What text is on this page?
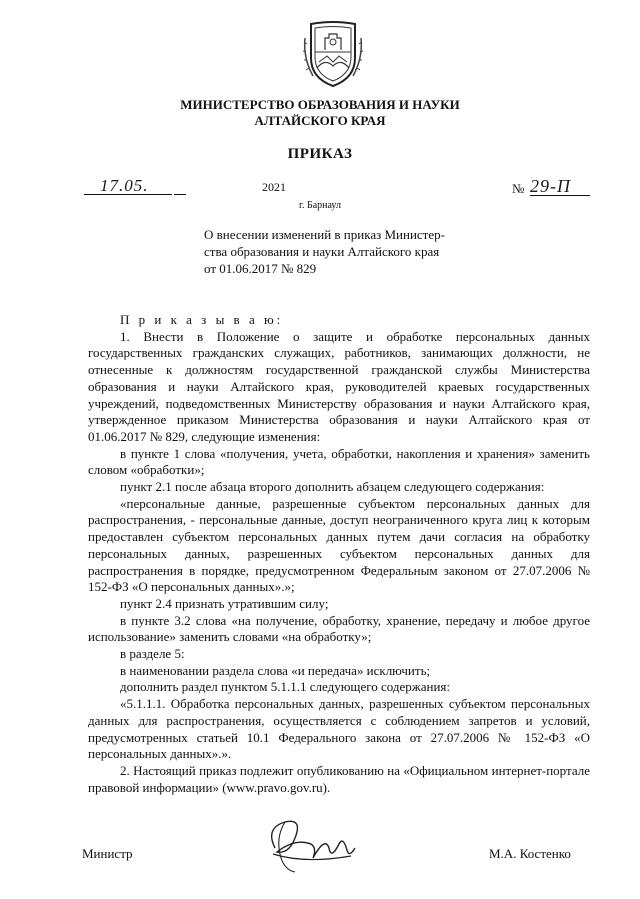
МИНИСТЕРСТВО ОБРАЗОВАНИЯ И НАУКИ
АЛТАЙСКОГО КРАЯ
ПРИКАЗ
17.05.	2021	№ 29-П
г. Барнаул
О внесении изменений в приказ Министер-
ства образования и науки Алтайского края
от 01.06.2017 № 829

П р и к а з ы в а ю:

1. Внести в Положение о защите и обработке персональных данных государственных гражданских служащих, работников, занимающих должности, не отнесенные к должностям государственной гражданской службы Министерства образования и науки Алтайского края, руководителей краевых государственных учреждений, подведомственных Министерству образования и науки Алтайского края, утвержденное приказом Министерства образования и науки Алтайского края от 01.06.2017 № 829, следующие изменения:

в пункте 1 слова «получения, учета, обработки, накопления и хранения» заменить словом «обработки»;

пункт 2.1 после абзаца второго дополнить абзацем следующего содержания:

«персональные данные, разрешенные субъектом персональных данных для распространения, - персональные данные, доступ неограниченного круга лиц к которым предоставлен субъектом персональных данных путем дачи согласия на обработку персональных данных, разрешенных субъектом персональных данных для распространения в порядке, предусмотренном Федеральным законом от 27.07.2006 № 152-ФЗ «О персональных данных».»;

пункт 2.4 признать утратившим силу;

в пункте 3.2 слова «на получение, обработку, хранение, передачу и любое другое использование» заменить словами «на обработку»;

в разделе 5:

в наименовании раздела слова «и передача» исключить;

дополнить раздел пунктом 5.1.1.1 следующего содержания:

«5.1.1.1. Обработка персональных данных, разрешенных субъектом персональных данных для распространения, осуществляется с соблюдением запретов и условий, предусмотренных статьей 10.1 Федерального закона от 27.07.2006 № 152-ФЗ «О персональных данных».».

2. Настоящий приказ подлежит опубликованию на «Официальном интернет-портале правовой информации» (www.pravo.gov.ru).

Министр	М.А. Костенко
